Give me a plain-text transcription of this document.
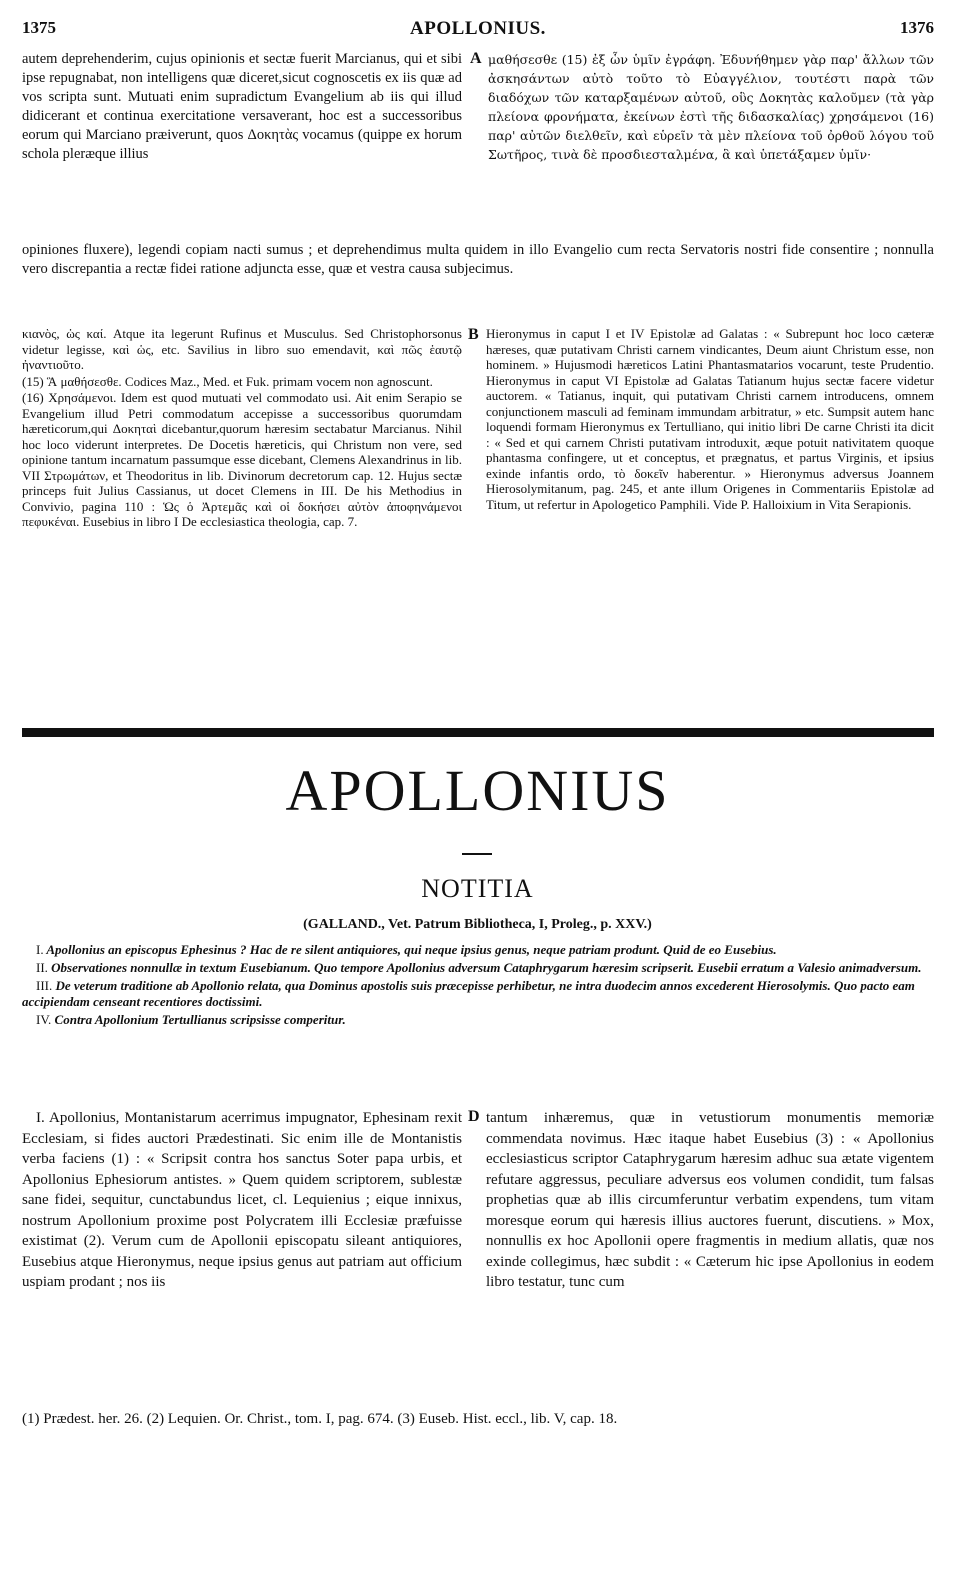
1375	APOLLONIUS.	1376

autem deprehenderim, cujus opinionis et sectæ fuerit Marcianus, qui et sibi ipse repugnabat, non intelligens quæ diceret,sicut cognoscetis ex iis quæ ad vos scripta sunt. Mutuati enim supradictum Evangelium ab iis qui illud didicerant et continua exercitatione versaverant, hoc est a successoribus eorum qui Marciano præiverunt, quos Δοκητὰς vocamus (quippe ex horum schola pleræque illius

A μαθήσεσθε (15) ἐξ ὧν ὑμῖν ἐγράφη. Ἐδυνήθημεν γὰρ παρ' ἄλλων τῶν ἀσκησάντων αὐτὸ τοῦτο τὸ Εὐαγγέλιον, τουτέστι παρὰ τῶν διαδόχων τῶν καταρξαμένων αὐτοῦ, οὓς Δοκητὰς καλοῦμεν (τὰ γὰρ πλείονα φρονήματα, ἐκείνων ἐστὶ τῆς διδασκαλίας) χρησάμενοι (16) παρ' αὐτῶν διελθεῖν, καὶ εὑρεῖν τὰ μὲν πλείονα τοῦ ὀρθοῦ λόγου τοῦ Σωτῆρος, τινὰ δὲ προσδιεσταλμένα, ἃ καὶ ὑπετάξαμεν ὑμῖν·

opiniones fluxere), legendi copiam nacti sumus ; et deprehendimus multa quidem in illo Evangelio cum recta Servatoris nostri fide consentire ; nonnulla vero discrepantia a rectæ fidei ratione adjuncta esse, quæ et vestra causa subjecimus.

κιανὸς, ὡς καί. Atque ita legerunt Rufinus et Musculus. Sed Christophorsonus videtur legisse, καὶ ὡς, etc. Savilius in libro suo emendavit, καὶ πῶς ἑαυτῷ ἠναντιοῦτο.

(15) Ἃ μαθήσεσθε. Codices Maz., Med. et Fuk. primam vocem non agnoscunt.

(16) Χρησάμενοι. Idem est quod mutuati vel commodato usi. Ait enim Serapio se Evangelium illud Petri commodatum accepisse a successoribus quorumdam hæreticorum,qui Δοκηταὶ dicebantur,quorum hæresim sectabatur Marcianus. Nihil hoc loco viderunt interpretes. De Docetis hæreticis, qui Christum non vere, sed opinione tantum incarnatum passumque esse dicebant, Clemens Alexandrinus in lib. VII Στρωμάτων, et Theodoritus in lib. Divinorum decretorum cap. 12. Hujus sectæ princeps fuit Julius Cassianus, ut docet Clemens in III. De his Methodius in Convivio, pagina 110 : Ὡς ὁ Ἀρτεμᾶς καὶ οἱ δοκήσει αὐτὸν ἀποφηνάμενοι πεφυκέναι. Eusebius in libro I De ecclesiastica theologia, cap. 7.

B Hieronymus in caput I et IV Epistolæ ad Galatas : « Subrepunt hoc loco cæteræ hæreses, quæ putativam Christi carnem vindicantes, Deum aiunt Christum esse, non hominem. » Hujusmodi hæreticos Latini Phantasmatarios vocarunt, teste Prudentio. Hieronymus in caput VI Epistolæ ad Galatas Tatianum hujus sectæ facere videtur auctorem. « Tatianus, inquit, qui putativam Christi carnem introducens, omnem conjunctionem masculi ad feminam immundam arbitratur, » etc. Sumpsit autem hanc loquendi formam Hieronymus ex Tertulliano, qui initio libri De carne Christi ita dicit : « Sed et qui carnem Christi putativam introduxit, æque potuit nativitatem quoque phantasma confingere, ut et conceptus, et prægnatus, et partus Virginis, et ipsius exinde infantis ordo, τὸ δοκεῖν haberentur. » Hieronymus adversus Joannem Hierosolymitanum, pag. 245, et ante illum Origenes in Commentariis Epistolæ ad Titum, ut refertur in Apologetico Pamphili. Vide P. Halloixium in Vita Serapionis.

APOLLONIUS
NOTITIA
(GALLAND., Vet. Patrum Bibliotheca, I, Proleg., p. XXV.)

I. Apollonius an episcopus Ephesinus ? Hac de re silent antiquiores, qui neque ipsius genus, neque patriam produnt. Quid de eo Eusebius.

II. Observationes nonnullæ in textum Eusebianum. Quo tempore Apollonius adversum Cataphrygarum hæresim scripserit. Eusebii erratum a Valesio animadversum.

III. De veterum traditione ab Apollonio relata, qua Dominus apostolis suis præcepisse perhibetur, ne intra duodecim annos excederent Hierosolymis. Quo pacto eam accipiendam censeant recentiores doctissimi.

IV. Contra Apollonium Tertullianus scripsisse comperitur.

I. Apollonius, Montanistarum acerrimus impugnator, Ephesinam rexit Ecclesiam, si fides auctori Prædestinati. Sic enim ille de Montanistis verba faciens (1) : « Scripsit contra hos sanctus Soter papa urbis, et Apollonius Ephesiorum antistes. » Quem quidem scriptorem, sublestæ sane fidei, sequitur, cunctabundus licet, cl. Lequienius ; eique innixus, nostrum Apollonium proxime post Polycratem illi Ecclesiæ præfuisse existimat (2). Verum cum de Apollonii episcopatu sileant antiquiores, Eusebius atque Hieronymus, neque ipsius genus aut patriam aut officium uspiam prodant ; nos iis

D tantum inhæremus, quæ in vetustiorum monumentis memoriæ commendata novimus. Hæc itaque habet Eusebius (3) : « Apollonius ecclesiasticus scriptor Cataphrygarum hæresim adhuc sua ætate vigentem refutare aggressus, peculiare adversus eos volumen condidit, tum falsas prophetias quæ ab illis circumferuntur verbatim expendens, tum vitam moresque eorum qui hæresis illius auctores fuerunt, discutiens. » Mox, nonnullis ex hoc Apollonii opere fragmentis in medium allatis, quæ nos exinde collegimus, hæc subdit : « Cæterum hic ipse Apollonius in eodem libro testatur, tunc cum

(1) Prædest. her. 26. (2) Lequien. Or. Christ., tom. I, pag. 674. (3) Euseb. Hist. eccl., lib. V, cap. 18.
